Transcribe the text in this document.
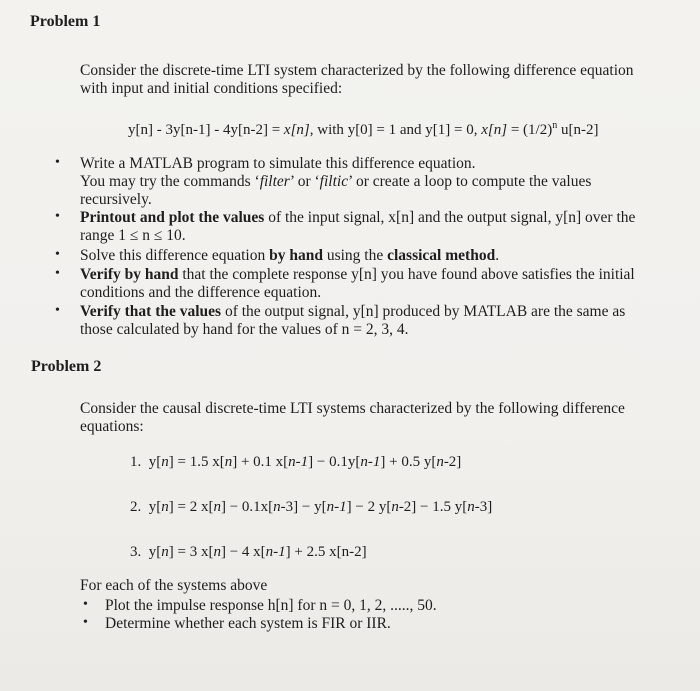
Problem 1
Consider the discrete-time LTI system characterized by the following difference equation
with input and initial conditions specified:
y[n] - 3y[n-1] - 4y[n-2] = x[n], with y[0] = 1 and y[1] = 0, $x[n] = (1/2)^n$ u[n-2]
• Write a MATLAB program to simulate this difference equation.
You may try the commands ‘filter’ or ‘filtic’ or create a loop to compute the values
recursively.
• Printout and plot the values of the input signal, x[n] and the output signal, y[n] over the
range 1 ≤ n ≤ 10.
• Solve this difference equation by hand using the classical method.
• Verify by hand that the complete response y[n] you have found above satisfies the initial
conditions and the difference equation.
• Verify that the values of the output signal, y[n] produced by MATLAB are the same as
those calculated by hand for the values of n = 2, 3, 4.
Problem 2
Consider the causal discrete-time LTI systems characterized by the following difference
equations:
1. y[n] = 1.5 x[n] + 0.1 x[n-1] − 0.1y[n-1] + 0.5 y[n-2]
2. y[n] = 2 x[n] − 0.1x[n-3] − y[n-1] − 2 y[n-2] − 1.5 y[n-3]
3. y[n] = 3 x[n] − 4 x[n-1] + 2.5 x[n-2]
For each of the systems above
• Plot the impulse response h[n] for n = 0, 1, 2, ....., 50.
• Determine whether each system is FIR or IIR.
